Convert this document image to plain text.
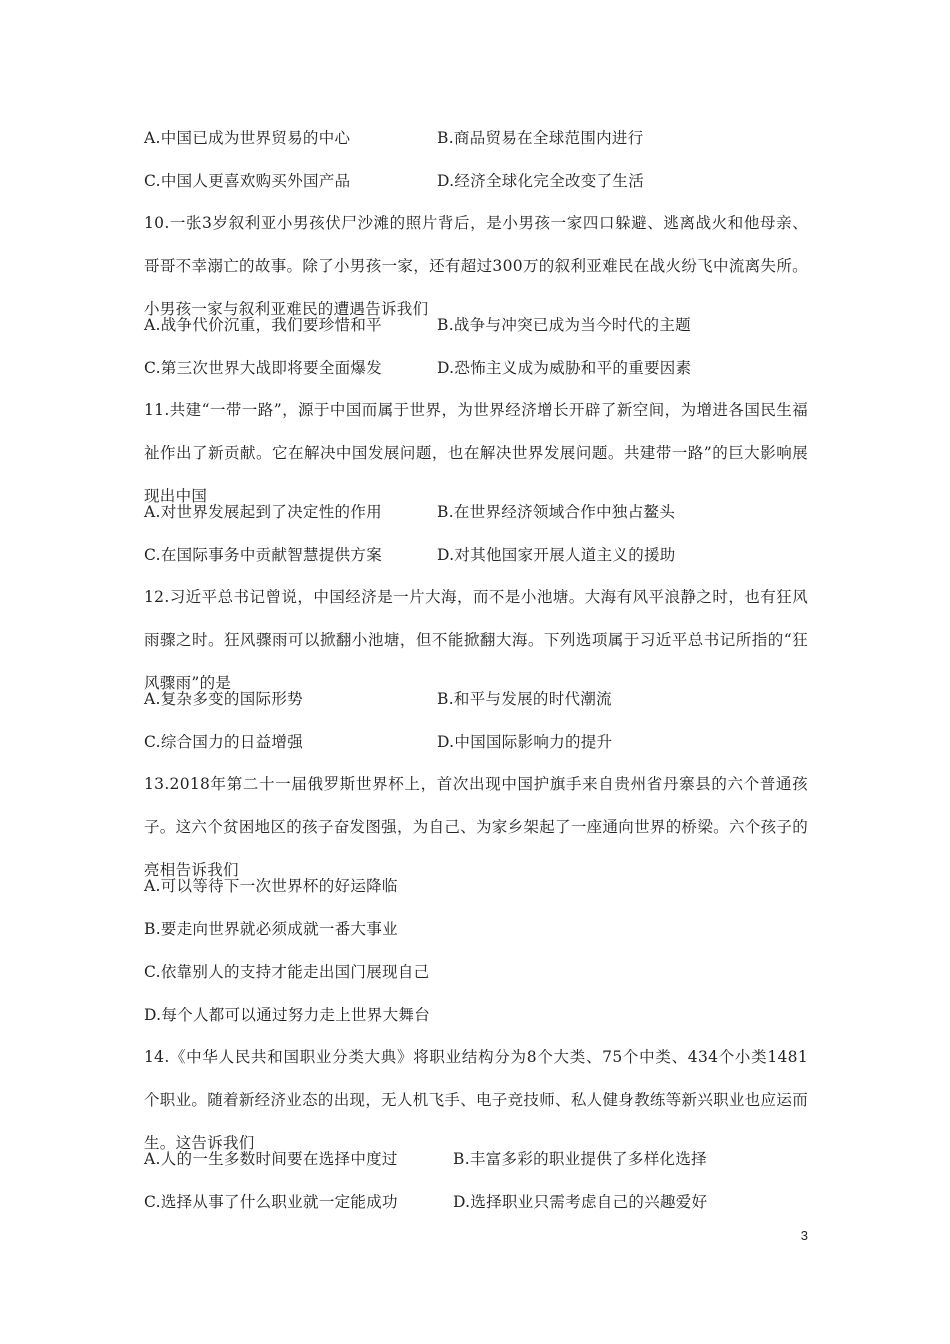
A.中国已成为世界贸易的中心	B.商品贸易在全球范围内进行
C.中国人更喜欢购买外国产品	D.经济全球化完全改变了生活
10.一张3岁叙利亚小男孩伏尸沙滩的照片背后，是小男孩一家四口躲避、逃离战火和他母亲、哥哥不幸溺亡的故事。除了小男孩一家，还有超过300万的叙利亚难民在战火纷飞中流离失所。小男孩一家与叙利亚难民的遭遇告诉我们
A.战争代价沉重，我们要珍惜和平	B.战争与冲突已成为当今时代的主题
C.第三次世界大战即将要全面爆发	D.恐怖主义成为威胁和平的重要因素
11.共建“一带一路”，源于中国而属于世界，为世界经济增长开辟了新空间，为增进各国民生福祉作出了新贡献。它在解决中国发展问题，也在解决世界发展问题。共建带一路”的巨大影响展现出中国
A.对世界发展起到了决定性的作用	B.在世界经济领域合作中独占鳌头
C.在国际事务中贡献智慧提供方案	D.对其他国家开展人道主义的援助
12.习近平总书记曾说，中国经济是一片大海，而不是小池塘。大海有风平浪静之时，也有狂风雨骤之时。狂风骤雨可以掀翻小池塘，但不能掀翻大海。下列选项属于习近平总书记所指的“狂风骤雨”的是
A.复杂多变的国际形势	B.和平与发展的时代潮流
C.综合国力的日益增强	D.中国国际影响力的提升
13.2018年第二十一届俄罗斯世界杯上，首次出现中国护旗手来自贵州省丹寨县的六个普通孩子。这六个贫困地区的孩子奋发图强，为自己、为家乡架起了一座通向世界的桥梁。六个孩子的亮相告诉我们
A.可以等待下一次世界杯的好运降临
B.要走向世界就必须成就一番大事业
C.依靠别人的支持才能走出国门展现自己
D.每个人都可以通过努力走上世界大舞台
14.《中华人民共和国职业分类大典》将职业结构分为8个大类、75个中类、434个小类1481个职业。随着新经济业态的出现，无人机飞手、电子竞技师、私人健身教练等新兴职业也应运而生。这告诉我们
A.人的一生多数时间要在选择中度过	B.丰富多彩的职业提供了多样化选择
C.选择从事了什么职业就一定能成功	D.选择职业只需考虑自己的兴趣爱好
3
